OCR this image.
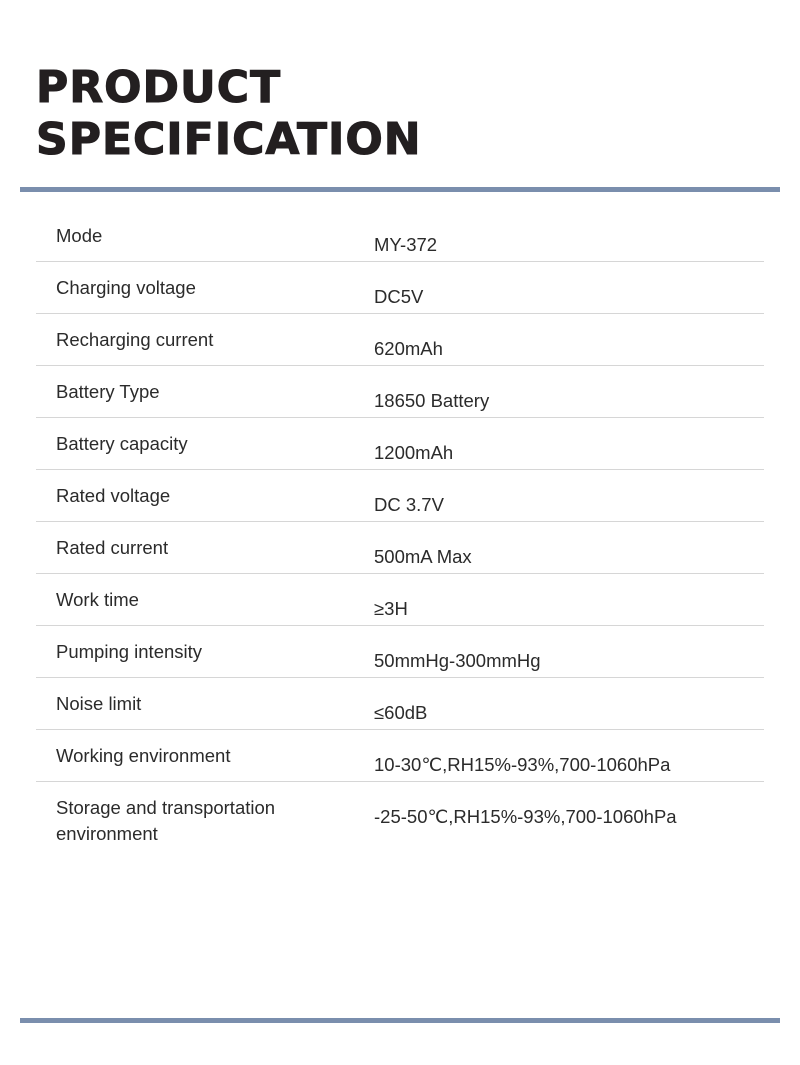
PRODUCT
SPECIFICATION
Mode	MY-372
Charging voltage	DC5V
Recharging current	620mAh
Battery Type	18650 Battery
Battery capacity	1200mAh
Rated voltage	DC 3.7V
Rated current	500mA Max
Work time	≥3H
Pumping intensity	50mmHg-300mmHg
Noise limit	≤60dB
Working environment	10-30℃,RH15%-93%,700-1060hPa
Storage and transportation environment	-25-50℃,RH15%-93%,700-1060hPa
